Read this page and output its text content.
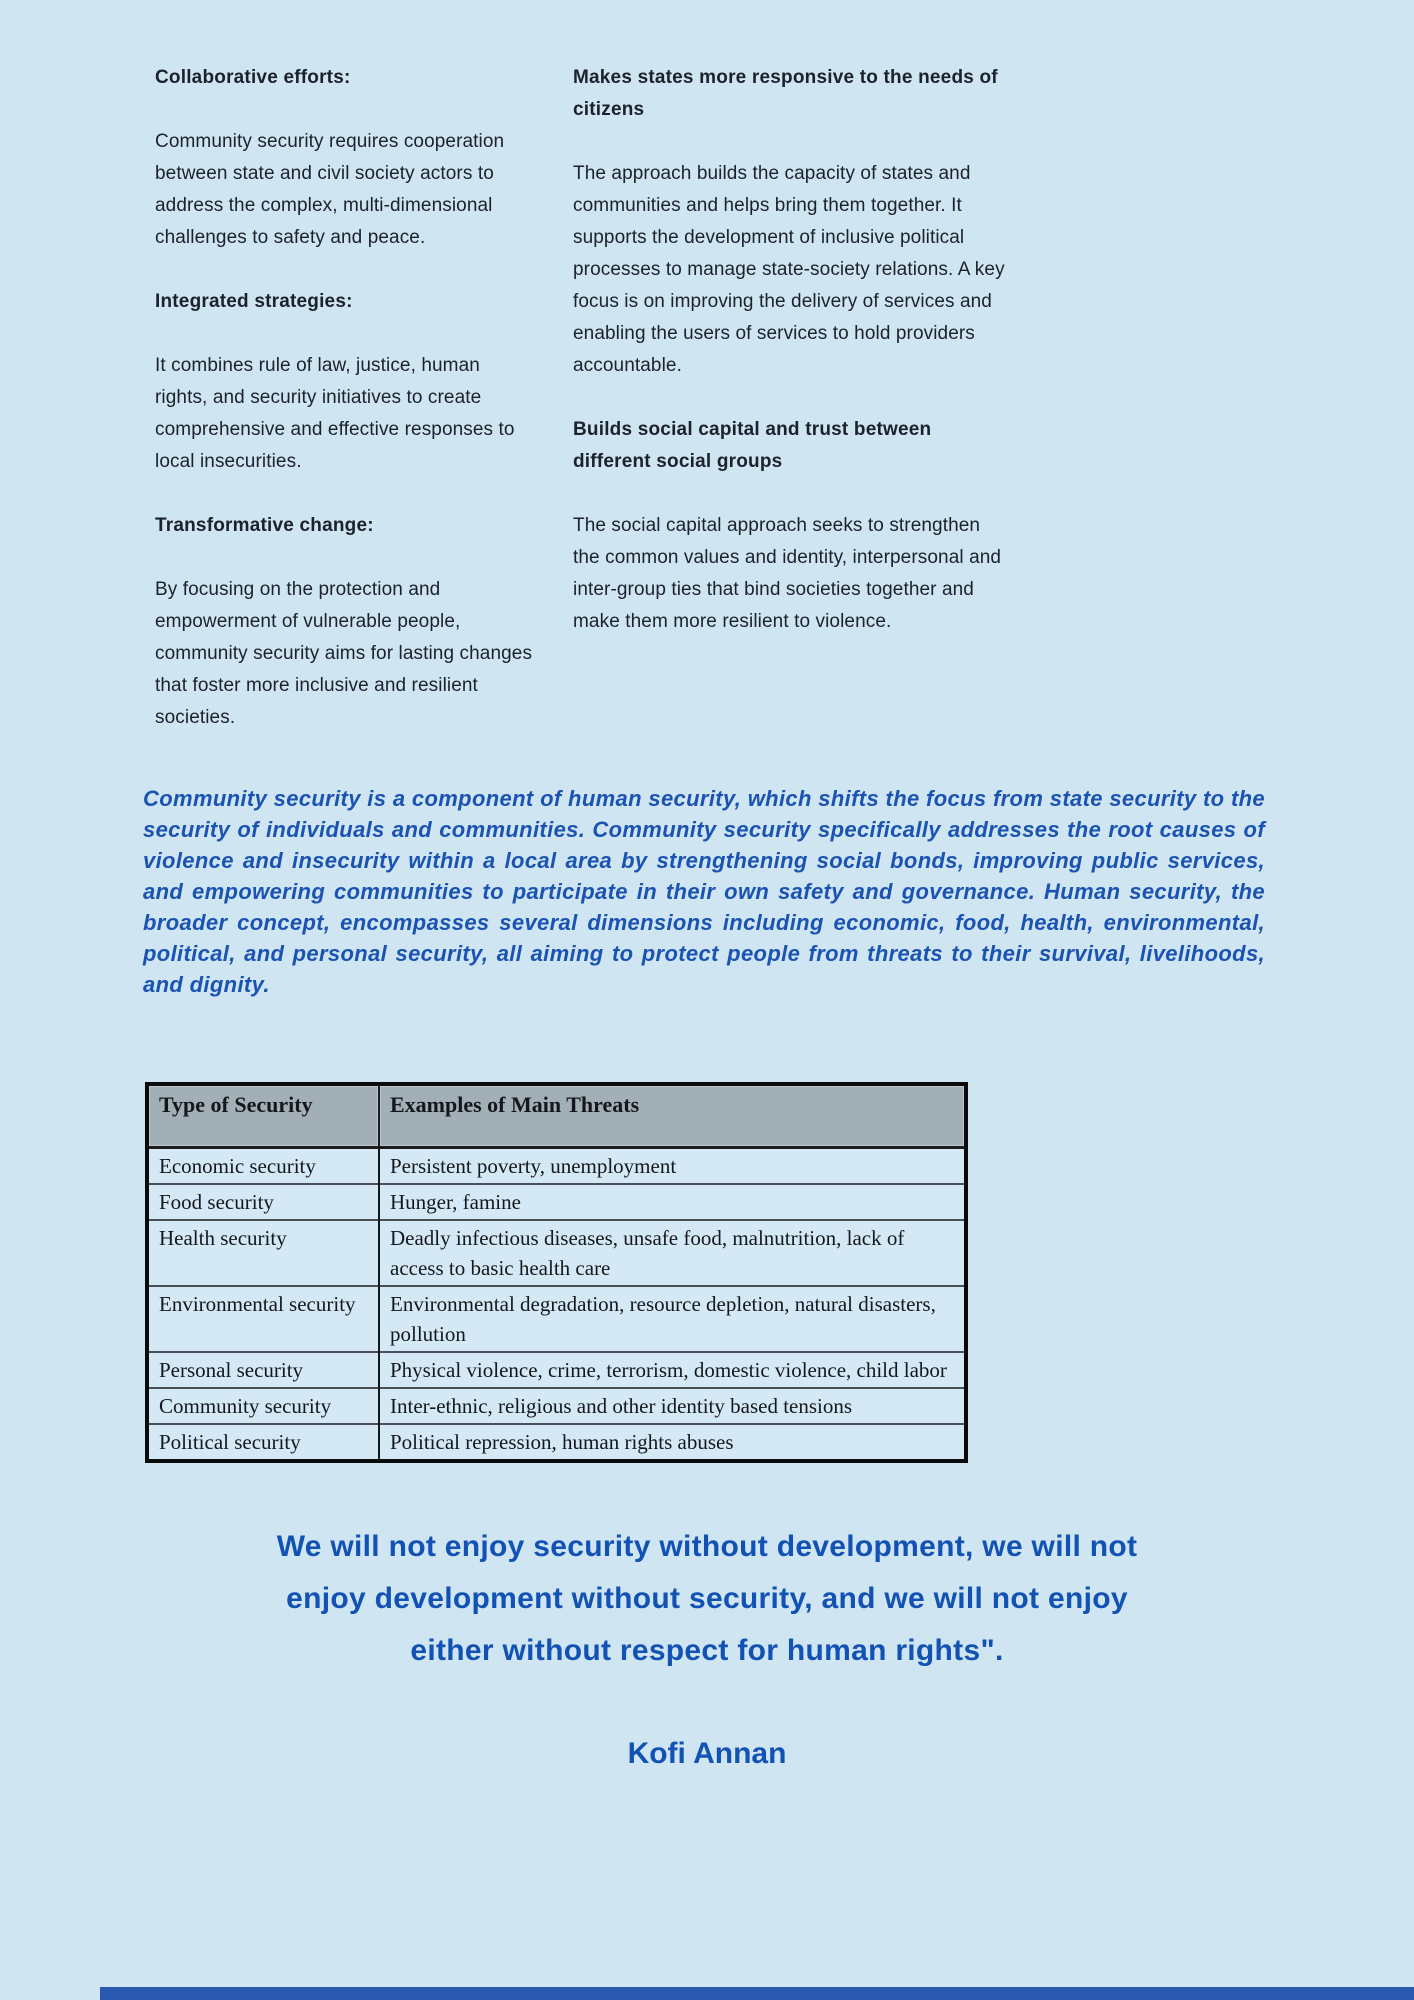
Collaborative efforts:

Community security requires cooperation between state and civil society actors to address the complex, multi-dimensional challenges to safety and peace.

Integrated strategies:

It combines rule of law, justice, human rights, and security initiatives to create comprehensive and effective responses to local insecurities.

Transformative change:

By focusing on the protection and empowerment of vulnerable people, community security aims for lasting changes that foster more inclusive and resilient societies.

Makes states more responsive to the needs of citizens

The approach builds the capacity of states and communities and helps bring them together. It supports the development of inclusive political processes to manage state-society relations. A key focus is on improving the delivery of services and enabling the users of services to hold providers accountable.

Builds social capital and trust between different social groups

The social capital approach seeks to strengthen the common values and identity, interpersonal and inter-group ties that bind societies together and make them more resilient to violence.

Community security is a component of human security, which shifts the focus from state security to the security of individuals and communities. Community security specifically addresses the root causes of violence and insecurity within a local area by strengthening social bonds, improving public services, and empowering communities to participate in their own safety and governance. Human security, the broader concept, encompasses several dimensions including economic, food, health, environmental, political, and personal security, all aiming to protect people from threats to their survival, livelihoods, and dignity.
Type of Security	Examples of Main Threats
Economic security	Persistent poverty, unemployment
Food security	Hunger, famine
Health security	Deadly infectious diseases, unsafe food, malnutrition, lack of access to basic health care
Environmental security	Environmental degradation, resource depletion, natural disasters, pollution
Personal security	Physical violence, crime, terrorism, domestic violence, child labor
Community security	Inter-ethnic, religious and other identity based tensions
Political security	Political repression, human rights abuses
We will not enjoy security without development, we will not
enjoy development without security, and we will not enjoy
either without respect for human rights".
Kofi Annan
